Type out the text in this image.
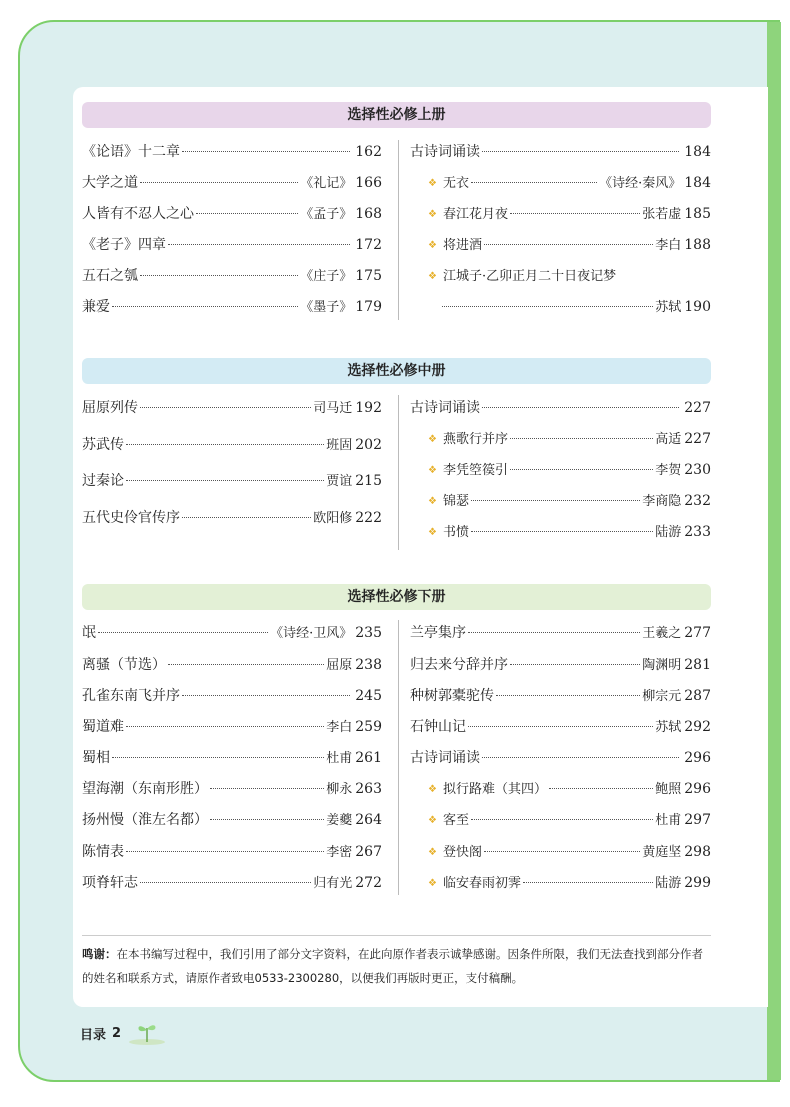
选择性必修上册
选择性必修中册
选择性必修下册
《论语》十二章	162
大学之道	《礼记》 166
人皆有不忍人之心	《孟子》 168
《老子》四章	172
五石之瓠	《庄子》 175
兼爱	《墨子》 179
古诗词诵读	184
❖ 无衣	《诗经·秦风》 184
❖ 春江花月夜	张若虚 185
❖ 将进酒	李白 188
❖ 江城子·乙卯正月二十日夜记梦
苏轼 190
屈原列传	司马迁 192
苏武传	班固 202
过秦论	贾谊 215
五代史伶官传序	欧阳修 222
古诗词诵读	227
❖ 燕歌行并序	高适 227
❖ 李凭箜篌引	李贺 230
❖ 锦瑟	李商隐 232
❖ 书愤	陆游 233
氓	《诗经·卫风》 235
离骚（节选）	屈原 238
孔雀东南飞并序	245
蜀道难	李白 259
蜀相	杜甫 261
望海潮（东南形胜）	柳永 263
扬州慢（淮左名都）	姜夔 264
陈情表	李密 267
项脊轩志	归有光 272
兰亭集序	王羲之 277
归去来兮辞并序	陶渊明 281
种树郭橐驼传	柳宗元 287
石钟山记	苏轼 292
古诗词诵读	296
❖ 拟行路难（其四）	鲍照 296
❖ 客至	杜甫 297
❖ 登快阁	黄庭坚 298
❖ 临安春雨初霁	陆游 299
鸣谢：在本书编写过程中，我们引用了部分文字资料，在此向原作者表示诚挚感谢。因条件所限，我们无法查找到部分作者的姓名和联系方式，请原作者致电0533-2300280，以便我们再版时更正，支付稿酬。
目录 2
